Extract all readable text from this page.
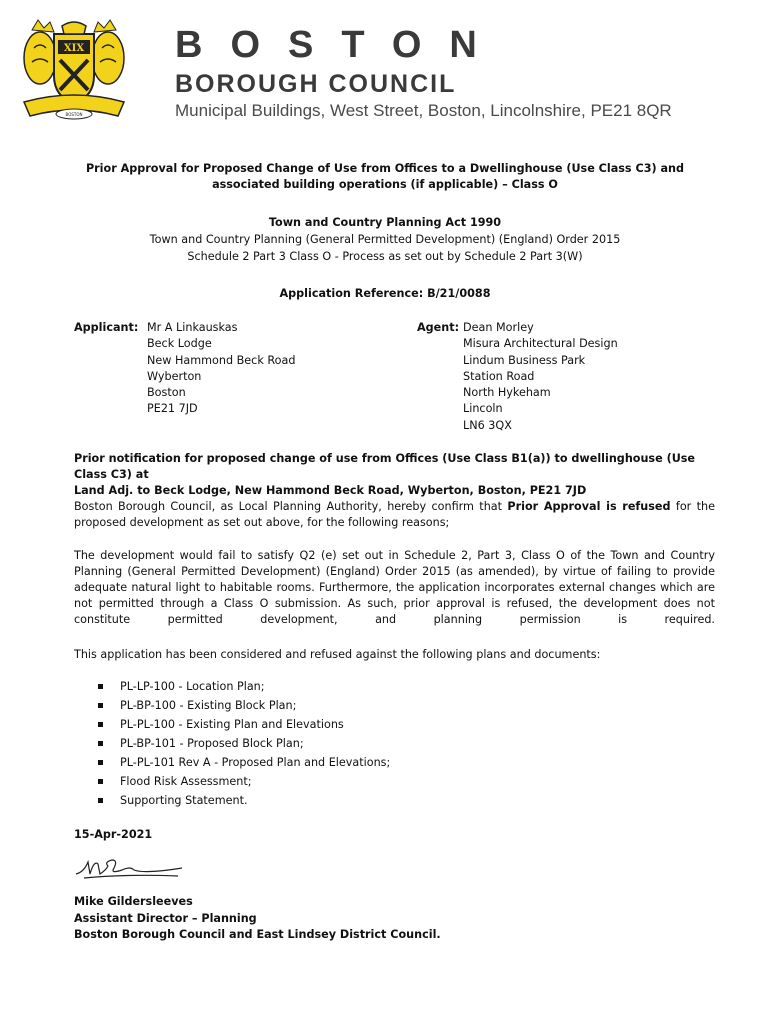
XIX
BOSTON
BOSTON
BOROUGH COUNCIL
Municipal Buildings, West Street, Boston, Lincolnshire, PE21 8QR
Prior Approval for Proposed Change of Use from Offices to a Dwellinghouse (Use Class C3) and
associated building operations (if applicable) – Class O
Town and Country Planning Act 1990
Town and Country Planning (General Permitted Development) (England) Order 2015
Schedule 2 Part 3 Class O - Process as set out by Schedule 2 Part 3(W)
Application Reference: B/21/0088
Applicant: Mr A Linkauskas
Beck Lodge
New Hammond Beck Road
Wyberton
Boston
PE21 7JD
Agent: Dean Morley
Misura Architectural Design
Lindum Business Park
Station Road
North Hykeham
Lincoln
LN6 3QX
Prior notification for proposed change of use from Offices (Use Class B1(a)) to dwellinghouse (Use Class C3) at
Land Adj. to Beck Lodge, New Hammond Beck Road, Wyberton, Boston, PE21 7JD
Boston Borough Council, as Local Planning Authority, hereby confirm that Prior Approval is refused for the proposed development as set out above, for the following reasons;
The development would fail to satisfy Q2 (e) set out in Schedule 2, Part 3, Class O of the Town and Country Planning (General Permitted Development) (England) Order 2015 (as amended), by virtue of failing to provide adequate natural light to habitable rooms. Furthermore, the application incorporates external changes which are not permitted through a Class O submission. As such, prior approval is refused, the development does not constitute permitted development, and planning permission is required.
This application has been considered and refused against the following plans and documents:
PL-LP-100 - Location Plan;
PL-BP-100 - Existing Block Plan;
PL-PL-100 - Existing Plan and Elevations
PL-BP-101 - Proposed Block Plan;
PL-PL-101 Rev A - Proposed Plan and Elevations;
Flood Risk Assessment;
Supporting Statement.
15-Apr-2021
Mike Gildersleeves
Assistant Director – Planning
Boston Borough Council and East Lindsey District Council.
